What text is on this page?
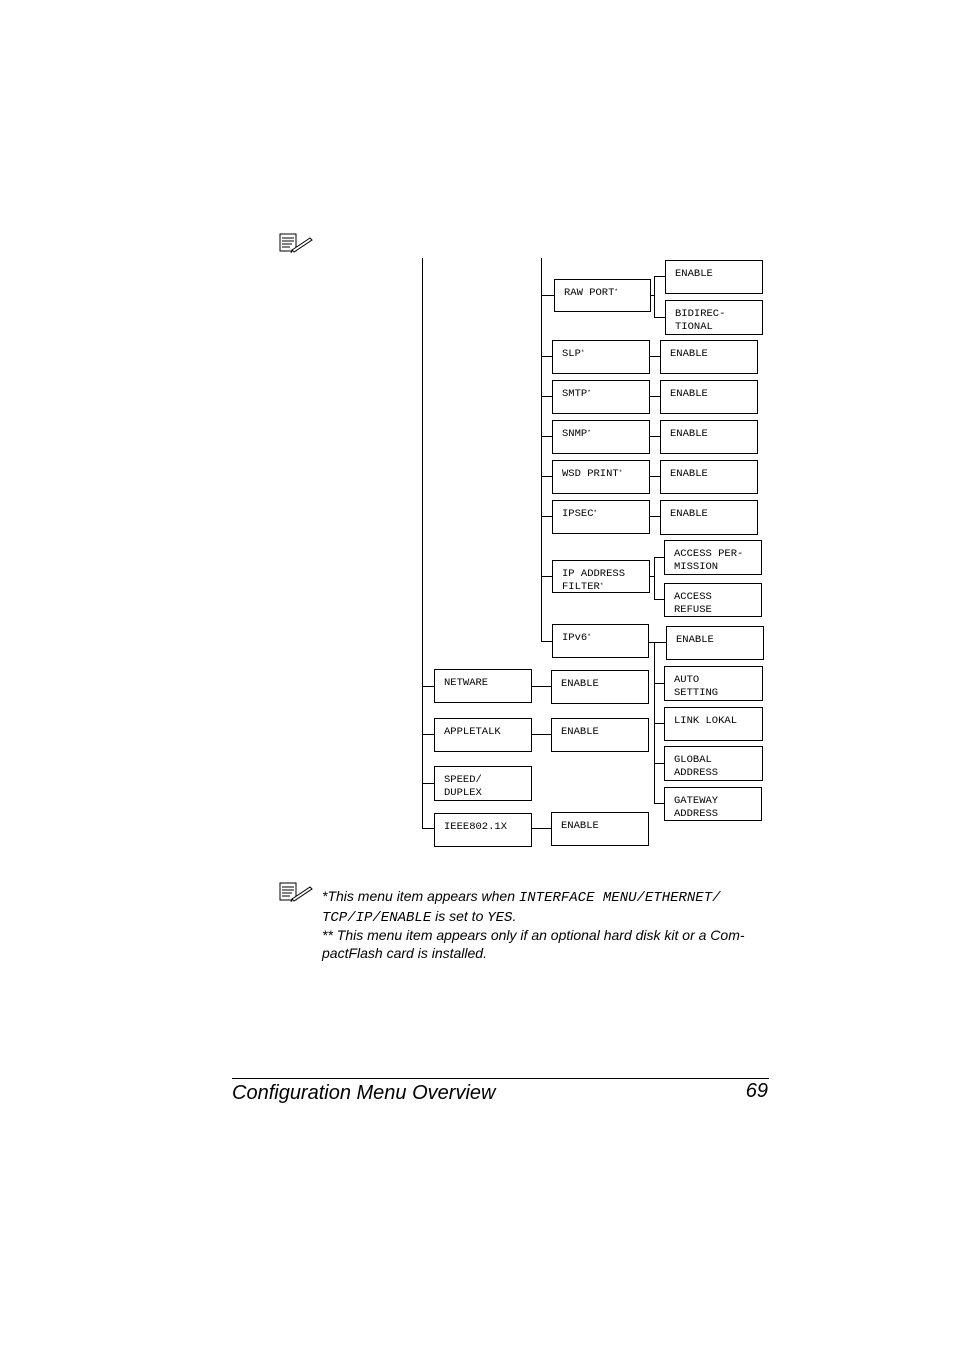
RAW PORT*
ENABLE
BIDIREC-
TIONAL
SLP*	ENABLE
SMTP*	ENABLE
SNMP*	ENABLE
WSD PRINT*	ENABLE
IPSEC*	ENABLE
IP ADDRESS
FILTER*
ACCESS PER-
MISSION
ACCESS
REFUSE
IPv6*	ENABLE
AUTO
SETTING
LINK LOKAL
GLOBAL
ADDRESS
GATEWAY
ADDRESS
NETWARE	ENABLE
APPLETALK	ENABLE
SPEED/
DUPLEX
IEEE802.1X	ENABLE
*This menu item appears when INTERFACE MENU/ETHERNET/
TCP/IP/ENABLE is set to YES.
** This menu item appears only if an optional hard disk kit or a Com-
pactFlash card is installed.
Configuration Menu Overview	69
